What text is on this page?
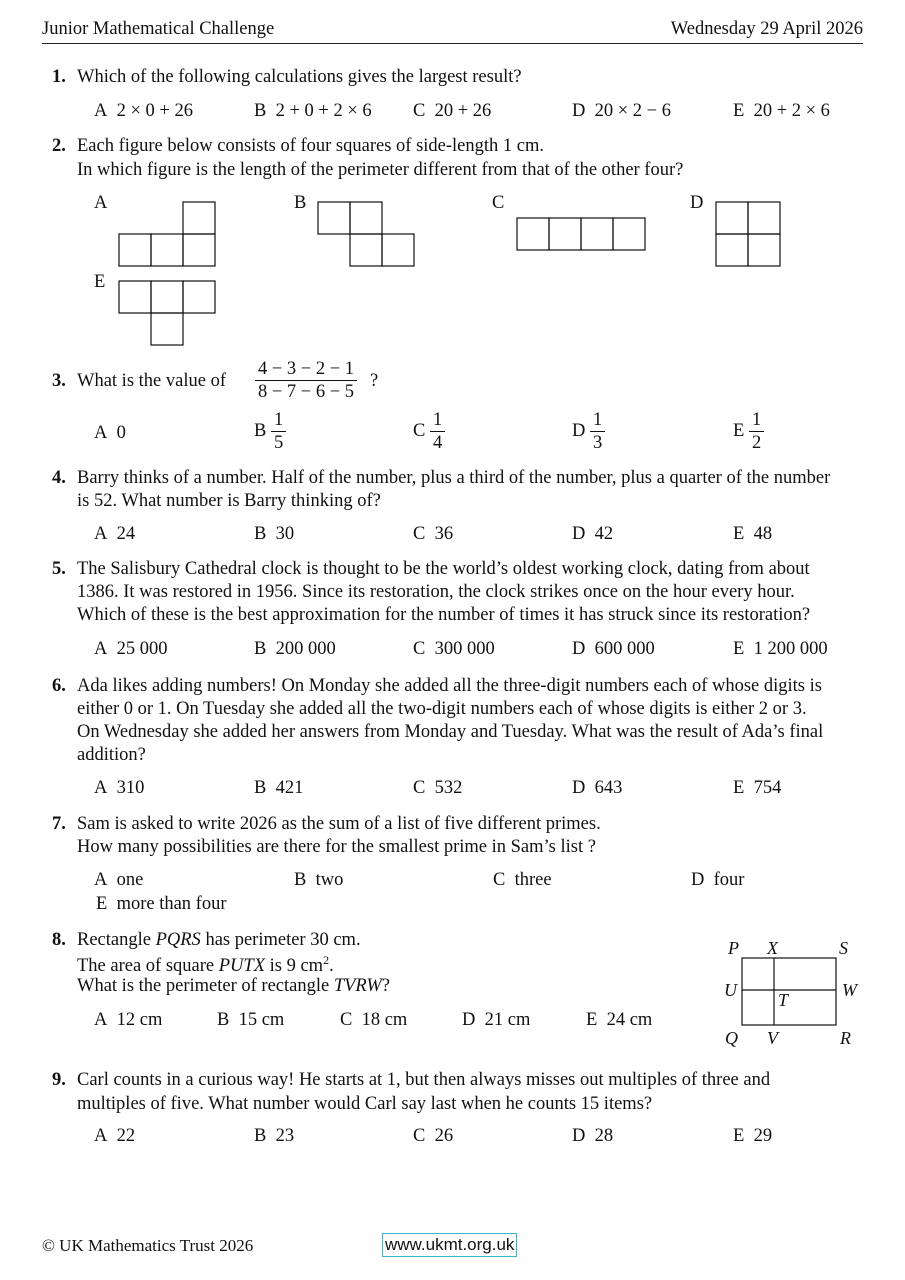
Junior Mathematical Challenge	Wednesday 29 April 2026
1. Which of the following calculations gives the largest result?
A 2 × 0 + 26	B 2 + 0 + 2 × 6 C 20 + 26	D 20 × 2 − 6	E 20 + 2 × 6
2. Each figure below consists of four squares of side-length 1 cm.
In which figure is the length of the perimeter different from that of the other four?
A	B	C	D
E
3. What is the value of $\frac{4 - 3 - 2 - 1}{8 - 7 - 6 - 5}$ ?
A 0	B $\frac{1}{5}$	C $\frac{1}{4}$	D $\frac{1}{3}$	E $\frac{1}{2}$
4. Barry thinks of a number. Half of the number, plus a third of the number, plus a quarter of the number
is 52. What number is Barry thinking of?
A 24	B 30	C 36	D 42	E 48
5. The Salisbury Cathedral clock is thought to be the world’s oldest working clock, dating from about
1386. It was restored in 1956. Since its restoration, the clock strikes once on the hour every hour.
Which of these is the best approximation for the number of times it has struck since its restoration?
A 25 000	B 200 000	C 300 000	D 600 000	E 1 200 000
6. Ada likes adding numbers! On Monday she added all the three-digit numbers each of whose digits is
either 0 or 1. On Tuesday she added all the two-digit numbers each of whose digits is either 2 or 3.
On Wednesday she added her answers from Monday and Tuesday. What was the result of Ada’s final
addition?
A 310	B 421	C 532	D 643	E 754
7. Sam is asked to write 2026 as the sum of a list of five different primes.
How many possibilities are there for the smallest prime in Sam’s list ?
A one	B two	C three	D four
E more than four
8. Rectangle PQRS has perimeter 30 cm.
The area of square PUTX is 9 $cm^2$.
What is the perimeter of rectangle TVRW?
A 12 cm	B 15 cm	C 18 cm	D 21 cm	E 24 cm
P X	S
U	W
T
Q V	R
9. Carl counts in a curious way! He starts at 1, but then always misses out multiples of three and
multiples of five. What number would Carl say last when he counts 15 items?
A 22	B 23	C 26	D 28	E 29
© UK Mathematics Trust 2026	www.ukmt.org.uk
